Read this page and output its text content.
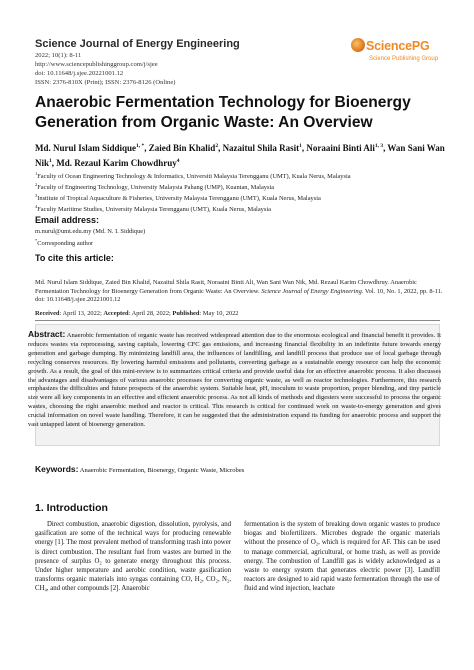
Science Journal of Energy Engineering
2022; 10(1): 8-11
http://www.sciencepublishinggroup.com/j/sjee
doi: 10.11648/j.sjee.20221001.12
ISSN: 2376-810X (Print); ISSN: 2376-8126 (Online)
SciencePG
Science Publishing Group
Anaerobic Fermentation Technology for Bioenergy Generation from Organic Waste: An Overview
Md. Nurul Islam Siddique$^{1, *}$, Zaied Bin Khalid$^2$, Nazaitul Shila Rasit$^1$, Noraaini Binti Ali$^{1, 3}$, Wan Sani Wan Nik$^1$, Md. Rezaul Karim Chowdhruy$^4$
$^1$Faculty of Ocean Engineering Technology & Informatics, Universiti Malaysia Terengganu (UMT), Kuala Nerus, Malaysia
$^2$Faculty of Engineering Technology, University Malaysia Pahang (UMP), Kuantan, Malaysia
$^3$Institute of Tropical Aquaculture & Fisheries, University Malaysia Terengganu (UMT), Kuala Nerus, Malaysia
$^4$Faculty Maritime Studies, University Malaysia Terengganu (UMT), Kuala Nerus, Malaysia
Email address:
m.nurul@umt.edu.my (Md. N. I. Siddique)
*Corresponding author
To cite this article:
Md. Nurul Islam Siddique, Zaied Bin Khalid, Nazaitul Shila Rasit, Noraaini Binti Ali, Wan Sani Wan Nik, Md. Rezaul Karim Chowdhruy. Anaerobic Fermentation Technology for Bioenergy Generation from Organic Waste: An Overview. Science Journal of Energy Engineering. Vol. 10, No. 1, 2022, pp. 8-11. doi: 10.11648/j.sjee.20221001.12
Received: April 13, 2022; Accepted: April 28, 2022; Published: May 10, 2022
Abstract: Anaerobic fermentation of organic waste has received widespread attention due to the enormous ecological and financial benefit it provides. It reduces wastes via reprocessing, saving capitals, lowering CFC gas emissions, and increasing financial flexibility in an indefinite future towards energy generation and garbage dumping. By minimizing landfill area, the influences of landfilling, and landfill process that produce use of local garbage through recycling conserves resources. By lowering harmful emissions and pollutants, converting garbage as a sustainable energy resource can help the economic growth. As a result, the goal of this mini-review is to summarizes critical criteria and provide useful data for an effective anaerobic process. It also discusses the advantages and disadvantages of various anaerobic processes for converting organic waste, as well as reactor technologies. Furthermore, this research emphasizes the difficulties and future prospects of the anaerobic system. Suitable heat, pH, inoculum to waste proportion, proper blending, and tiny particle size were all key components in an effective and efficient anaerobic process. As not all kinds of methods and digesters were successful to process the organic wastes, choosing the right anaerobic method and reactor is critical. This research is critical for continued work on waste-to-energy generation and gives crucial information on novel waste handling. Therefore, it can be suggested that the administration expand its funding for anaerobic process and support the vast untapped latent of bioenergy generation.
Keywords: Anaerobic Fermentation, Bioenergy, Organic Waste, Microbes
1. Introduction

Direct combustion, anaerobic digestion, dissolution, pyrolysis, and gasification are some of the technical ways for producing renewable energy [1]. The most prevalent method of transforming trash into power is direct combustion. The resultant fuel from wastes are burned in the presence of surplus O₂ to generate energy throughout this process. Under higher temperature and aerobic condition, waste gasification transforms organic materials into syngas containing CO, H₂, CO₂, N₂, CH₄, and other compounds [2]. Anaerobic

fermentation is the system of breaking down organic wastes to produce biogas and biofertilizers. Microbes degrade the organic materials without the presence of O₂, which is required for AF. This can be used to manage commercial, agricultural, or home trash, as well as provide energy. The combustion of Landfill gas is widely acknowledged as a waste to energy system that generates electric power [3]. Landfill reactors are designed to aid rapid waste fermentation through the use of fluid and wind injection, leachate
